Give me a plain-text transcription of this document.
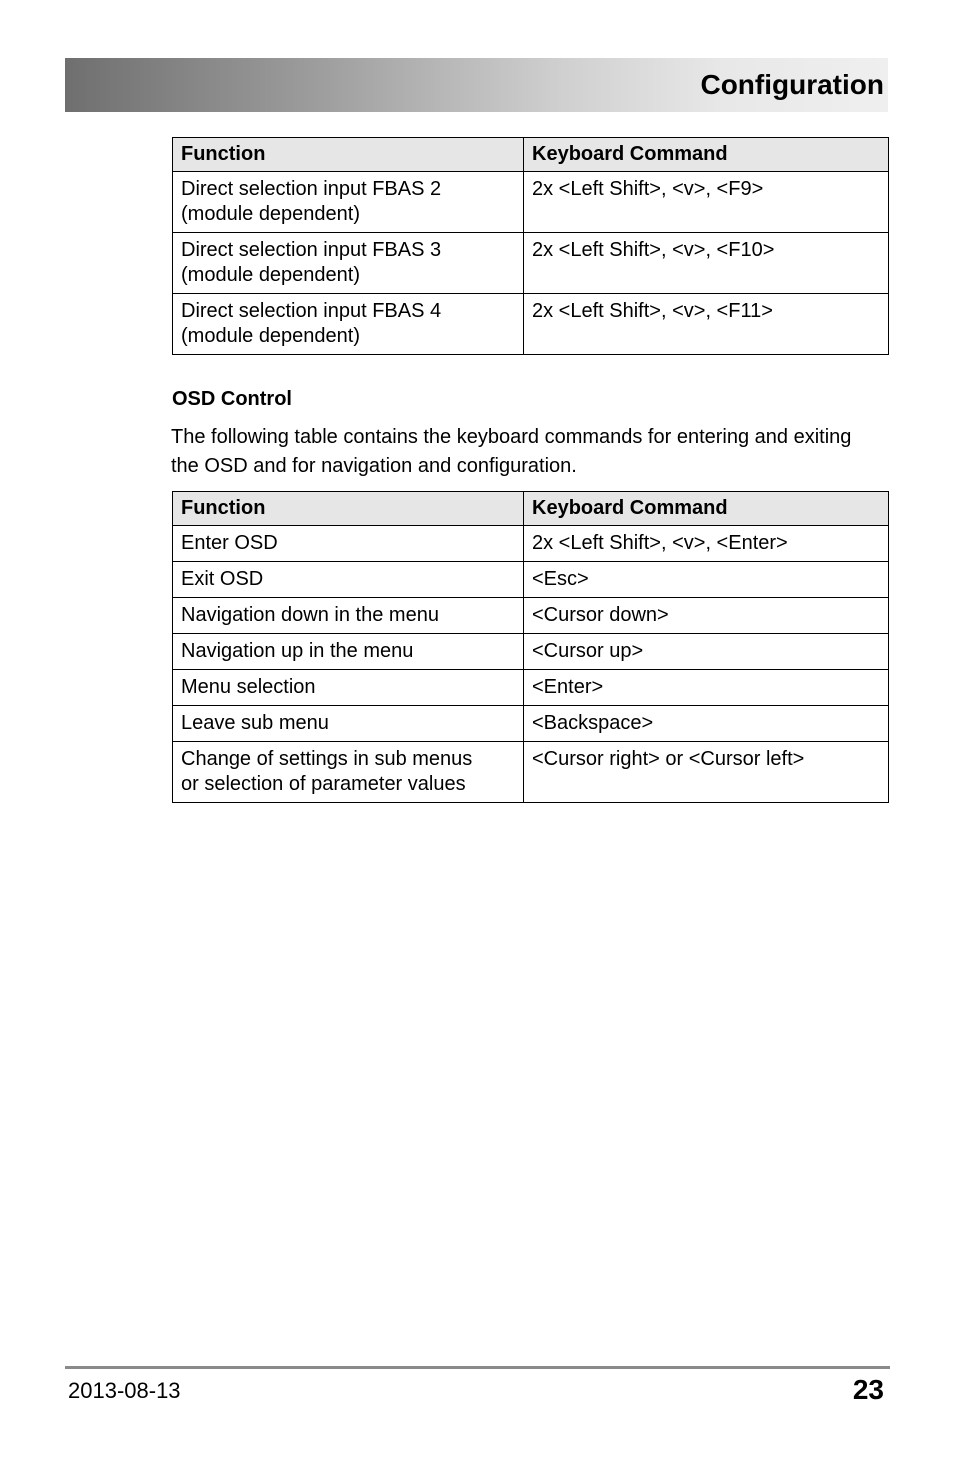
Configuration
Function	Keyboard Command
Direct selection input FBAS 2
(module dependent)	2x <Left Shift>, <v>, <F9>
Direct selection input FBAS 3
(module dependent)	2x <Left Shift>, <v>, <F10>
Direct selection input FBAS 4
(module dependent)	2x <Left Shift>, <v>, <F11>
OSD Control
The following table contains the keyboard commands for entering and exiting the OSD and for navigation and configuration.
Function	Keyboard Command
Enter OSD	2x <Left Shift>, <v>, <Enter>
Exit OSD	<Esc>
Navigation down in the menu	<Cursor down>
Navigation up in the menu	<Cursor up>
Menu selection	<Enter>
Leave sub menu	<Backspace>
Change of settings in sub menus
or selection of parameter values	<Cursor right> or <Cursor left>
2013-08-13	23
